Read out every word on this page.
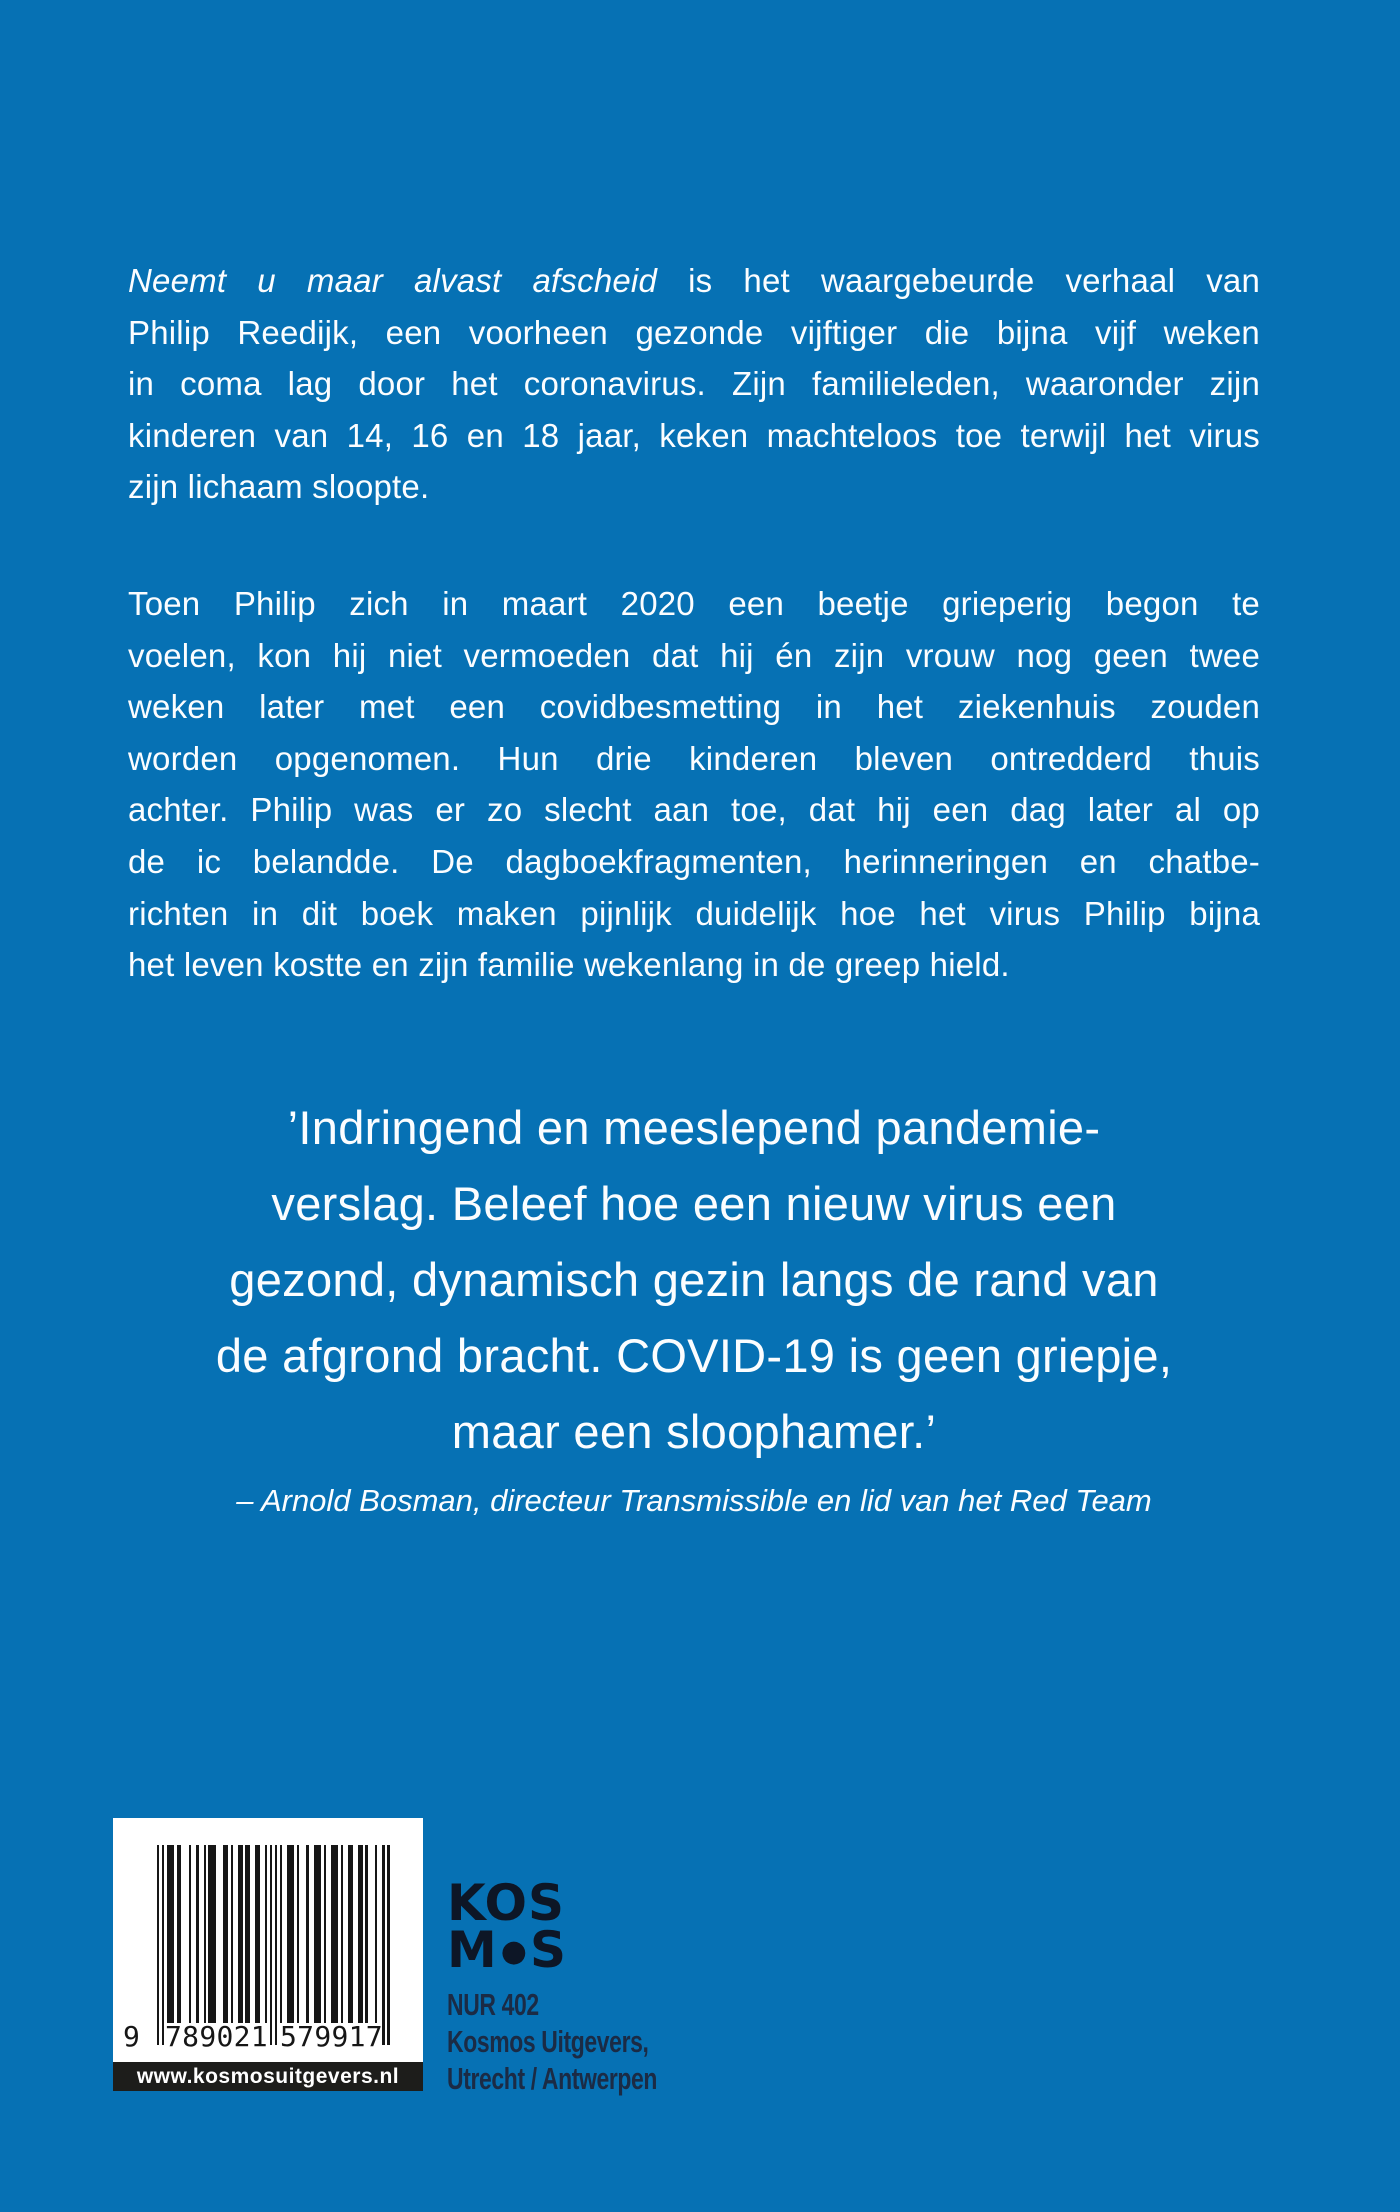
Neemt u maar alvast afscheid is het waargebeurde verhaal van
Philip Reedijk, een voorheen gezonde vijftiger die bijna vijf weken
in coma lag door het coronavirus. Zijn familieleden, waaronder zijn
kinderen van 14, 16 en 18 jaar, keken machteloos toe terwijl het virus
zijn lichaam sloopte.
Toen Philip zich in maart 2020 een beetje grieperig begon te
voelen, kon hij niet vermoeden dat hij én zijn vrouw nog geen twee
weken later met een covidbesmetting in het ziekenhuis zouden
worden opgenomen. Hun drie kinderen bleven ontredderd thuis
achter. Philip was er zo slecht aan toe, dat hij een dag later al op
de ic belandde. De dagboekfragmenten, herinneringen en chatbe-
richten in dit boek maken pijnlijk duidelijk hoe het virus Philip bijna
het leven kostte en zijn familie wekenlang in de greep hield.
’Indringend en meeslepend pandemie-
verslag. Beleef hoe een nieuw virus een
gezond, dynamisch gezin langs de rand van
de afgrond bracht. COVID-19 is geen griepje,
maar een sloophamer.’
– Arnold Bosman, directeur Transmissible en lid van het Red Team
9 789021 579917
www.kosmosuitgevers.nl
KOS
M ●S
NUR 402
Kosmos Uitgevers,
Utrecht / Antwerpen
